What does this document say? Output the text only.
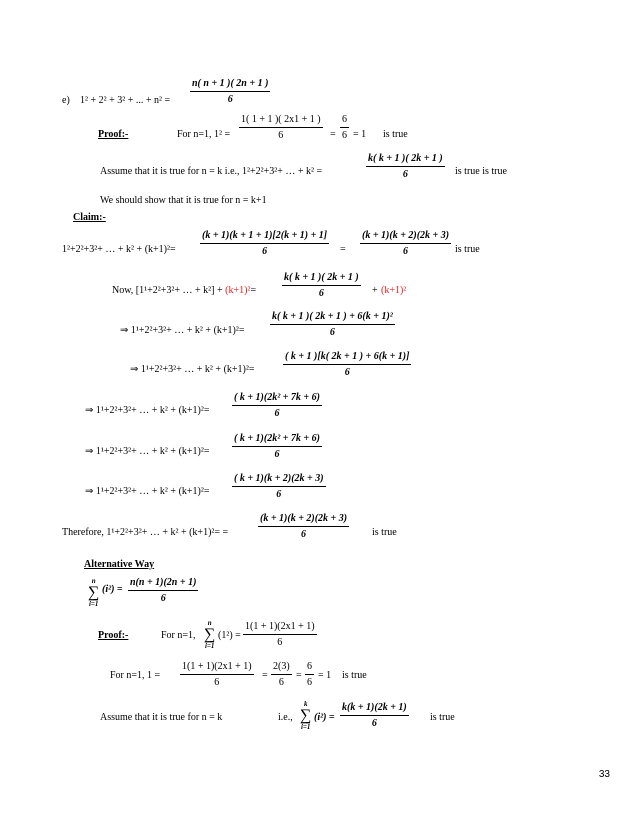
e) 1² + 2² + 3² + ... + n² =
n( n + 1 )( 2n + 1 )
6
Proof:-	For n=1, 1² =
1( 1 + 1 )( 2x1 + 1 )
6	=
6
6 = 1 is true
Assume that it is true for n = k i.e., 1²+2²+3²+ … + k² =
k( k + 1 )( 2k + 1 )
6	is true is true
We should show that it is true for n = k+1
Claim:-
1²+2²+3²+ … + k² + (k+1)²=
(k + 1)(k + 1 + 1)[2(k + 1) + 1]
6	=
(k + 1)(k + 2)(2k + 3)
6	is true
Now, [1¹+2²+3²+ … + k²] + (k+1)²=
k( k + 1 )( 2k + 1 )
6	+ (k+1)²
⇒ 1¹+2²+3²+ … + k² + (k+1)²=
k( k + 1 )( 2k + 1 ) + 6(k + 1)²
6
⇒ 1¹+2²+3²+ … + k² + (k+1)²=
( k + 1 )[k( 2k + 1 ) + 6(k + 1)]
6
⇒ 1¹+2²+3²+ … + k² + (k+1)²=
( k + 1)(2k² + 7k + 6)
6
⇒ 1¹+2²+3²+ … + k² + (k+1)²=
( k + 1)(2k² + 7k + 6)
6
⇒ 1¹+2²+3²+ … + k² + (k+1)²=
( k + 1)(k + 2)(2k + 3)
6
Therefore, 1¹+2²+3²+ … + k² + (k+1)²= =
(k + 1)(k + 2)(2k + 3)
6	is true
Alternative Way
n
∑
i=1
(i²) =
n(n + 1)(2n + 1)
6
Proof:-	For n=1,
n
∑
i=1
(1²) =
1(1 + 1)(2x1 + 1)
6
For n=1, 1 =
1(1 + 1)(2x1 + 1)
6
=
2(3)
6
=
6
6
= 1 is true
Assume that it is true for n = k	i.e.,
k
∑
i=1
(i²) =
k(k + 1)(2k + 1)
6
is true
33
